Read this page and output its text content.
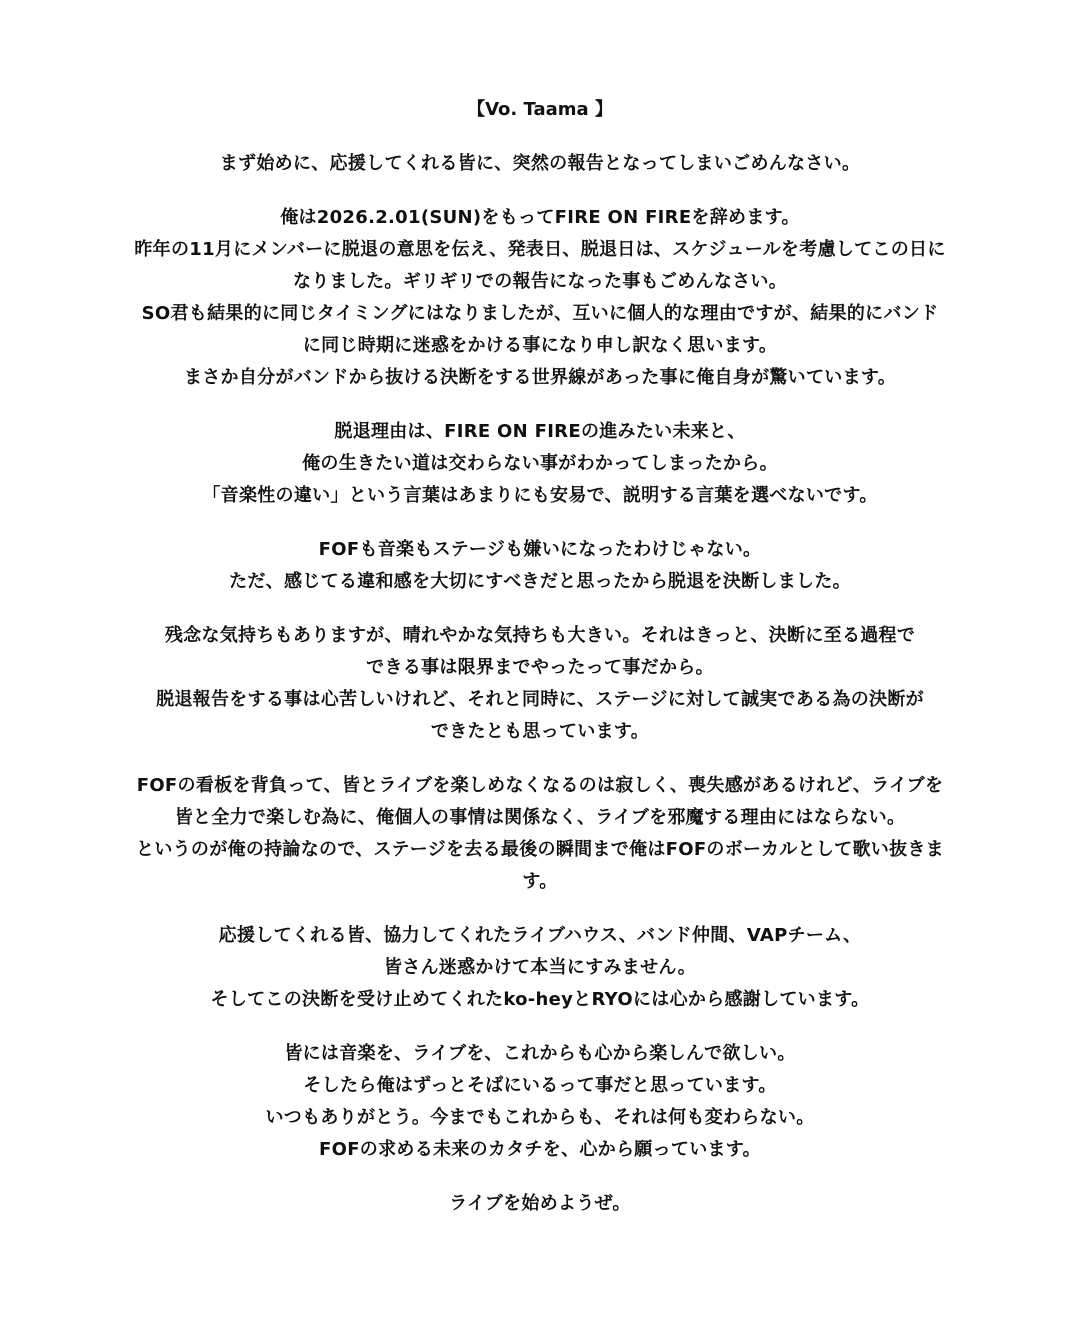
【Vo. Taama 】
まず始めに、応援してくれる皆に、突然の報告となってしまいごめんなさい。
俺は2026.2.01(SUN)をもってFIRE ON FIREを辞めます。
昨年の11月にメンバーに脱退の意思を伝え、発表日、脱退日は、スケジュールを考慮してこの日に
なりました。ギリギリでの報告になった事もごめんなさい。
SO君も結果的に同じタイミングにはなりましたが、互いに個人的な理由ですが、結果的にバンド
に同じ時期に迷惑をかける事になり申し訳なく思います。
まさか自分がバンドから抜ける決断をする世界線があった事に俺自身が驚いています。
脱退理由は、FIRE ON FIREの進みたい未来と、
俺の生きたい道は交わらない事がわかってしまったから。
「音楽性の違い」という言葉はあまりにも安易で、説明する言葉を選べないです。
FOFも音楽もステージも嫌いになったわけじゃない。
ただ、感じてる違和感を大切にすべきだと思ったから脱退を決断しました。
残念な気持ちもありますが、晴れやかな気持ちも大きい。それはきっと、決断に至る過程で
できる事は限界までやったって事だから。
脱退報告をする事は心苦しいけれど、それと同時に、ステージに対して誠実である為の決断が
できたとも思っています。
FOFの看板を背負って、皆とライブを楽しめなくなるのは寂しく、喪失感があるけれど、ライブを
皆と全力で楽しむ為に、俺個人の事情は関係なく、ライブを邪魔する理由にはならない。
というのが俺の持論なので、ステージを去る最後の瞬間まで俺はFOFのボーカルとして歌い抜きま
す。
応援してくれる皆、協力してくれたライブハウス、バンド仲間、VAPチーム、
皆さん迷惑かけて本当にすみません。
そしてこの決断を受け止めてくれたko-heyとRYOには心から感謝しています。
皆には音楽を、ライブを、これからも心から楽しんで欲しい。
そしたら俺はずっとそばにいるって事だと思っています。
いつもありがとう。今までもこれからも、それは何も変わらない。
FOFの求める未来のカタチを、心から願っています。
ライブを始めようぜ。
